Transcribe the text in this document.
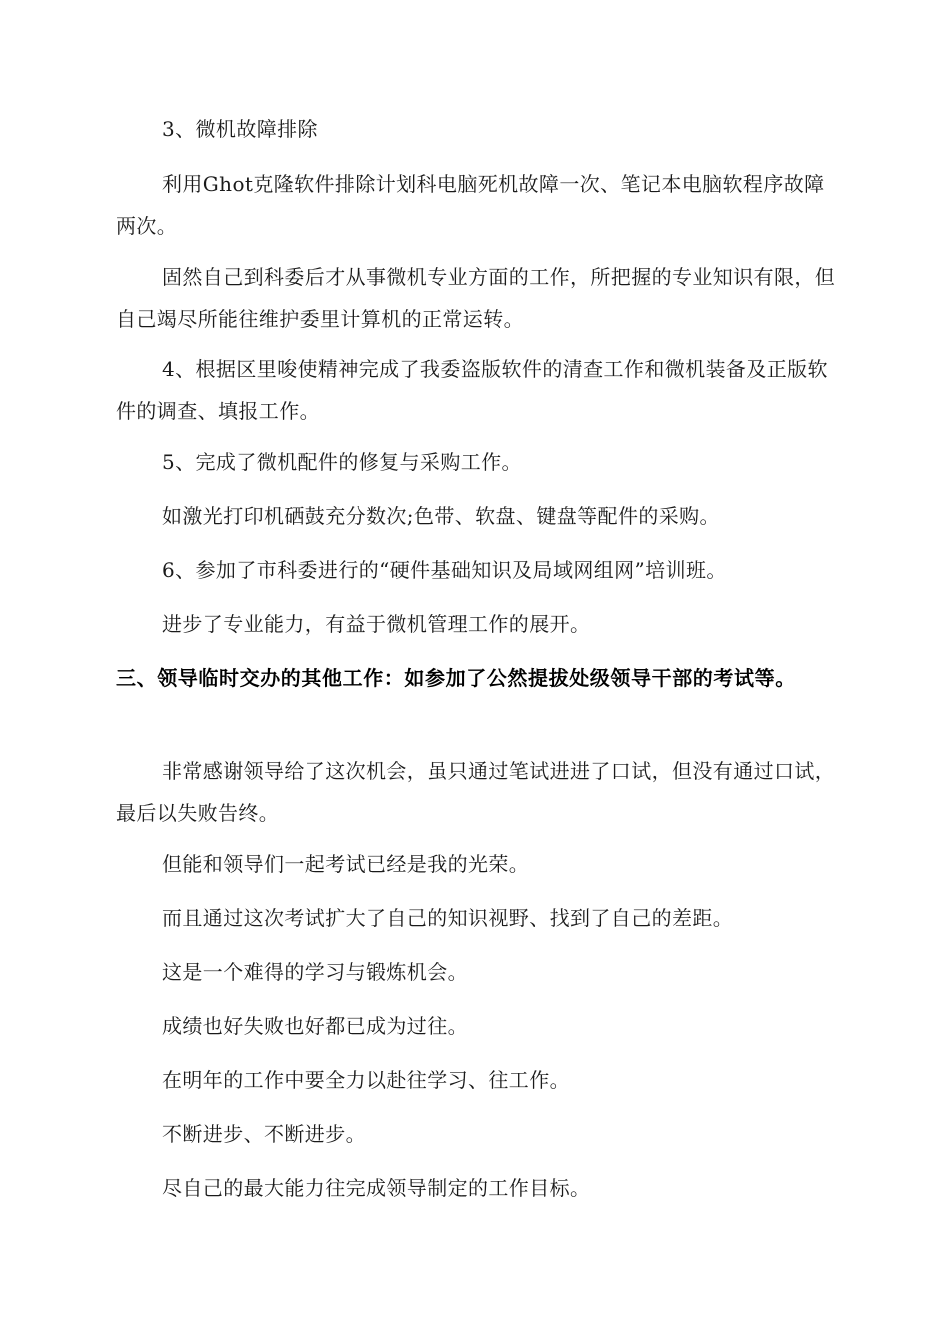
3、微机故障排除

利用Ghot克隆软件排除计划科电脑死机故障一次、笔记本电脑软程序故障两次。

固然自己到科委后才从事微机专业方面的工作，所把握的专业知识有限，但自己竭尽所能往维护委里计算机的正常运转。

4、根据区里唆使精神完成了我委盗版软件的清查工作和微机装备及正版软件的调查、填报工作。

5、完成了微机配件的修复与采购工作。

如激光打印机硒鼓充分数次;色带、软盘、键盘等配件的采购。

6、参加了市科委进行的“硬件基础知识及局域网组网”培训班。

进步了专业能力，有益于微机管理工作的展开。

三、领导临时交办的其他工作：如参加了公然提拔处级领导干部的考试等。

非常感谢领导给了这次机会，虽只通过笔试进进了口试，但没有通过口试，最后以失败告终。

但能和领导们一起考试已经是我的光荣。

而且通过这次考试扩大了自己的知识视野、找到了自己的差距。

这是一个难得的学习与锻炼机会。

成绩也好失败也好都已成为过往。

在明年的工作中要全力以赴往学习、往工作。

不断进步、不断进步。

尽自己的最大能力往完成领导制定的工作目标。
